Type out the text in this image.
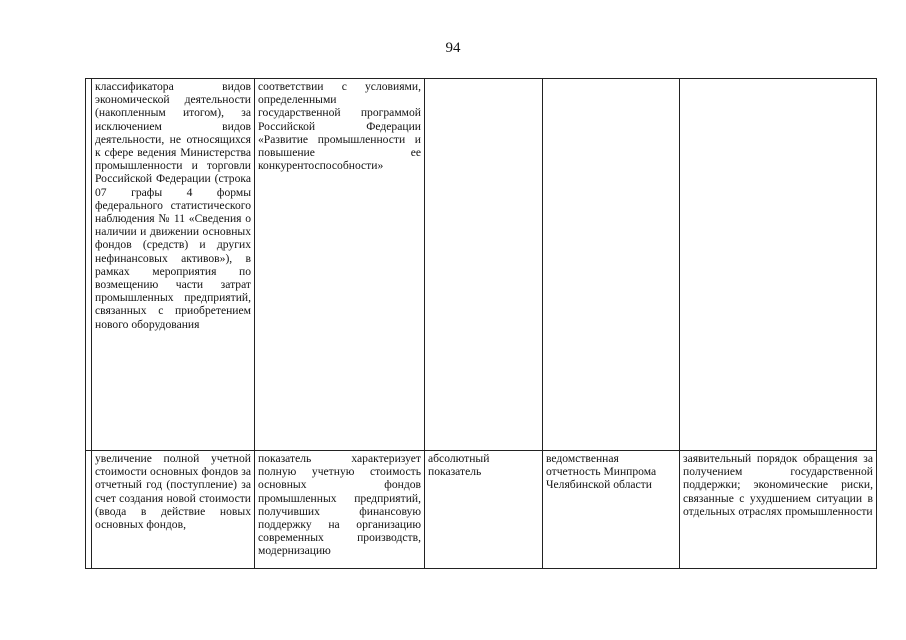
94

	классификатора видов экономической деятельности (накопленным итогом), за исключением видов деятельности, не относящихся к сфере ведения Министерства промышленности и торговли Российской Федерации (строка 07 графы 4 формы федерального статистического наблюдения № 11 «Сведения о наличии и движении основных фондов (средств) и других нефинансовых активов»), в рамках мероприятия по возмещению части затрат промышленных предприятий, связанных с приобретением нового оборудования	соответствии с условиями, определенными государственной программой Российской Федерации «Развитие промышленности и повышение ее конкурентоспособности»			

	увеличение полной учетной стоимости основных фондов за отчетный год (поступление) за счет создания новой стоимости (ввода в действие новых основных фондов,	показатель характеризует полную учетную стоимость основных фондов промышленных предприятий, получивших финансовую поддержку на организацию современных производств, модернизацию	абсолютный показатель	ведомственная отчетность Минпрома Челябинской области	заявительный порядок обращения за получением государственной поддержки; экономические риски, связанные с ухудшением ситуации в отдельных отраслях промышленности
